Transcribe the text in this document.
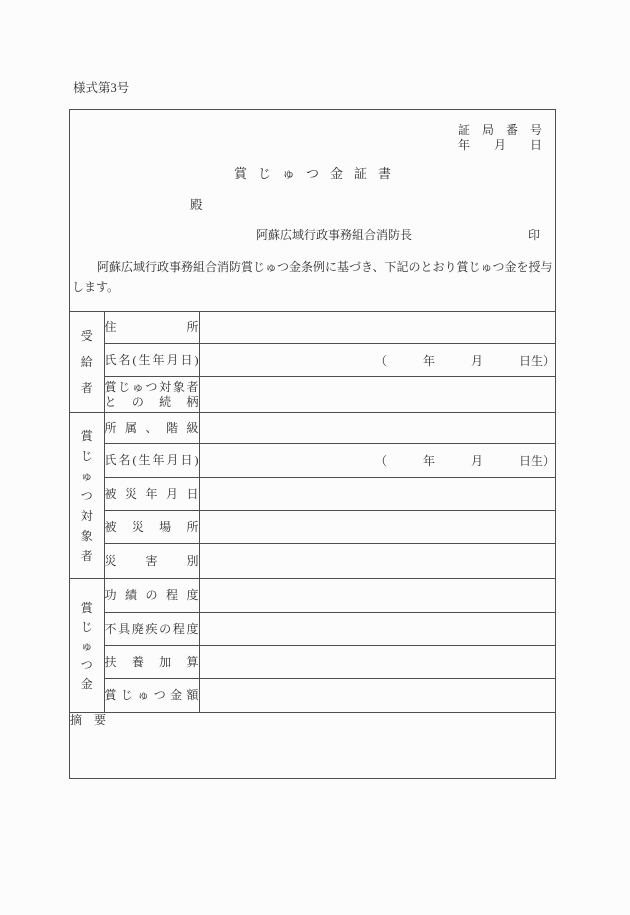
様式第3号
証　局　番　号
年　　月　　日
賞じゅつ金証書
殿
阿蘇広域行政事務組合消防長	印
阿蘇広域行政事務組合消防賞じゅつ金条例に基づき、下記のとおり賞じゅつ金を授与します。
受
給
者	住所	
	氏名(生年月日)	（　　　年　　　月　　　日生）
	賞じゅつ対象者との続柄	

賞
じ
ゅ
つ
対
象
者
	所属、階級	
	氏名(生年月日)	（　　　年　　　月　　　日生）
	被災年月日	
	被災場所	
	災害別	

賞
じ
ゅ
つ
金	功績の程度	
	不具廃疾の程度	
	扶養加算	
	賞じゅつ金額	
摘　要		
